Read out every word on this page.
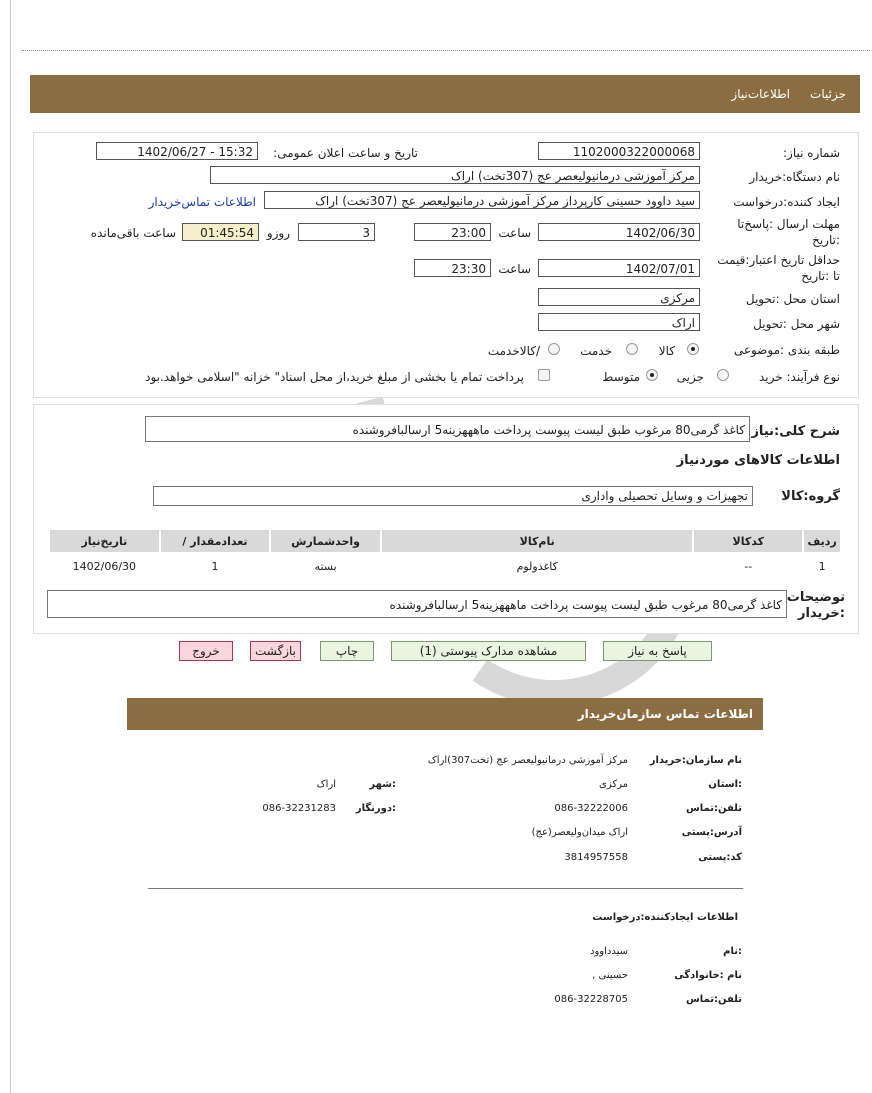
جزئیات
اطلاعات‌نیاز
شماره نیاز:
1102000322000068
تاریخ و ساعت اعلان عمومی:
1402/06/27 - 15:32
نام دستگاه:خریدار
مرکز آموزشی درمانیولیعصر عج (307تخت) اراک
ایجاد کننده:درخواست
سید داوود حسینی کارپرداز مرکز آموزشی درمانیولیعصر عج (307تخت) اراک
اطلاعات تماس‌خریدار
مهلت ارسال :پاسخ‌تا
:تاریخ
1402/06/30
ساعت
23:00
3
روزو
01:45:54
ساعت باقی‌مانده
حداقل تاریخ اعتبار:قیمت
تا :تاریخ
1402/07/01
ساعت
23:30
استان محل :تحویل
مرکزی
شهر محل :تحویل
اراک
طبقه بندی :موضوعی
کالا
خدمت
/کالاخدمت
نوع فرآیند: خرید
جزیی
متوسط
پرداخت تمام یا بخشی از مبلغ خرید،از محل اسناد" خزانه "اسلامی خواهد.بود
شرح کلی:نیاز
کاغذ گرمی80 مرغوب طبق لیست پیوست پرداخت ماهههزینه5 ارسالبافروشنده
اطلاعات کالاهای موردنیاز
گروه:کالا
تجهیزات و وسایل تحصیلی واداری
تاریخ‌نیاز	/ تعدادمقدار	واحدشمارش	نام‌کالا	کدکالا	ردیف
1402/06/30	1	بسته	کاغذولوم	--	1
توضیحات
:خریدار
کاغذ گرمی80 مرغوب طبق لیست پیوست پرداخت ماهههزینه5 ارسالبافروشنده
پاسخ به نیاز
مشاهده مدارک پیوستی (1)
چاپ
بازگشت
خروج
اطلاعات تماس سازمان‌خریدار
نام سازمان:خریدار
مرکز آموزشی درمانیولیعصر عج (تخت307)اراک
:استان
مرکزی
:شهر
اراک
تلفن:تماس
086-32222006
:دورنگار
086-32231283
آدرس:پستی
اراک میدان‌ولیعصر(عج)
کد:پستی
3814957558
اطلاعات ایجادکننده:درخواست
:نام
سیدداوود
نام :خانوادگی
حسینی ,
تلفن:تماس
086-32228705
